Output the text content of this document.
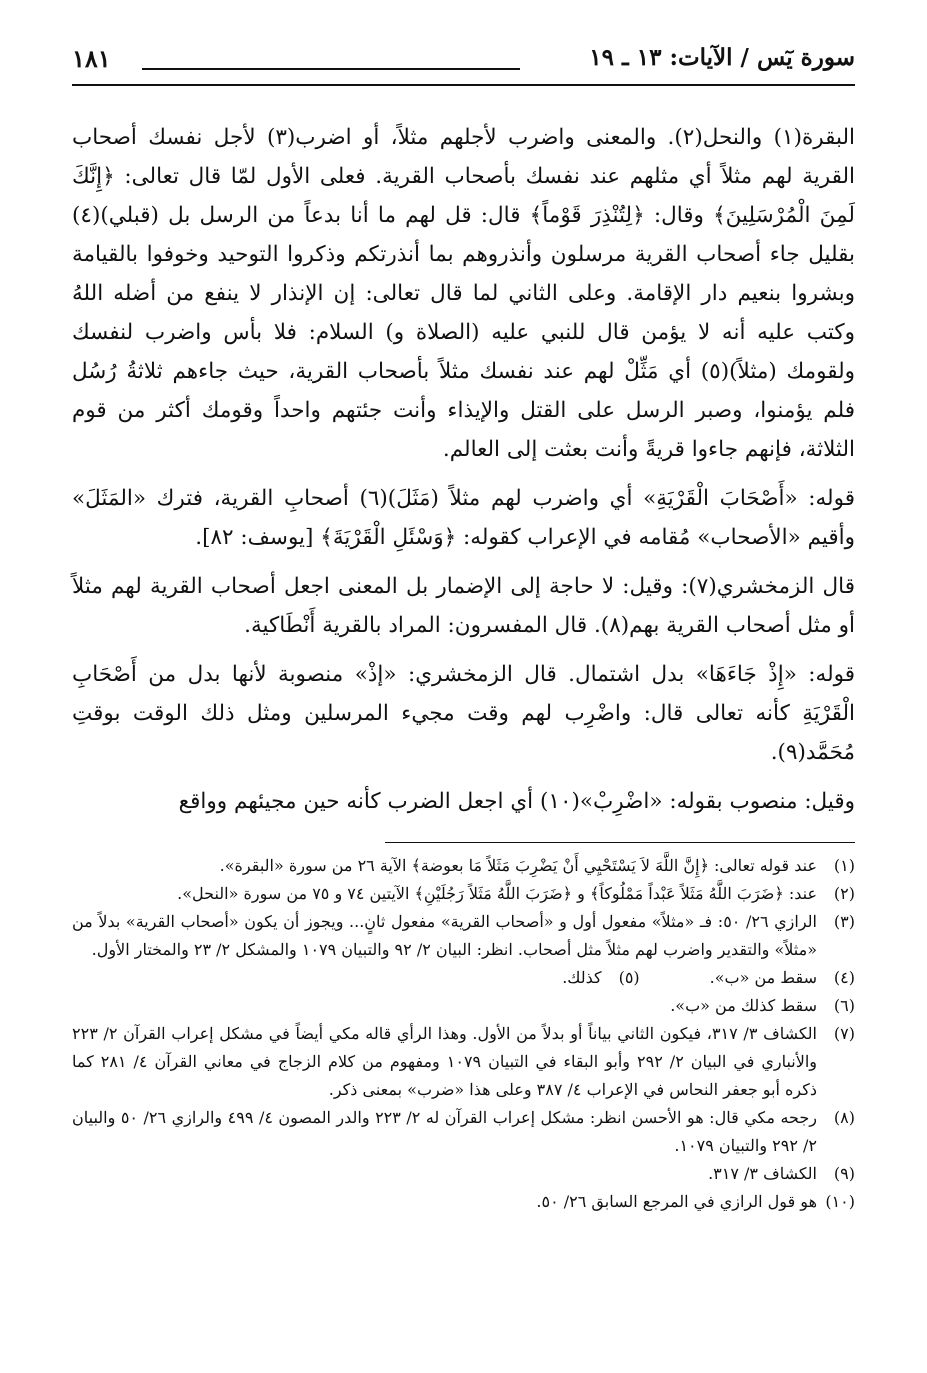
سورة يٓس / الآيات: ١٣ ـ ١٩
١٨١

البقرة(١) والنحل(٢). والمعنى واضرب لأجلهم مثلاً، أو اضرب(٣) لأجل نفسك أصحاب القرية لهم مثلاً أي مثلهم عند نفسك بأصحاب القرية. فعلى الأول لمّا قال تعالى: ﴿إِنَّكَ لَمِنَ الْمُرْسَلِينَ﴾ وقال: ﴿لِتُنْذِرَ قَوْماً﴾ قال: قل لهم ما أنا بدعاً من الرسل بل (قبلي)(٤) بقليل جاء أصحاب القرية مرسلون وأنذروهم بما أنذرتكم وذكروا التوحيد وخوفوا بالقيامة وبشروا بنعيم دار الإقامة. وعلى الثاني لما قال تعالى: إن الإنذار لا ينفع من أضله اللهُ وكتب عليه أنه لا يؤمن قال للنبي عليه (الصلاة و) السلام: فلا بأس واضرب لنفسك ولقومك (مثلاً)(٥) أي مَثِّلْ لهم عند نفسك مثلاً بأصحاب القرية، حيث جاءهم ثلاثةُ رُسُل فلم يؤمنوا، وصبر الرسل على القتل والإيذاء وأنت جئتهم واحداً وقومك أكثر من قوم الثلاثة، فإنهم جاءوا قريةً وأنت بعثت إلى العالم.

قوله: «أَصْحَابَ الْقَرْيَةِ» أي واضرب لهم مثلاً (مَثَلَ)(٦) أصحابِ القرية، فترك «المَثَلَ» وأقيم «الأصحاب» مُقامه في الإعراب كقوله: ﴿وَسْئَلِ الْقَرْيَةَ﴾ [يوسف: ٨٢].

قال الزمخشري(٧): وقيل: لا حاجة إلى الإضمار بل المعنى اجعل أصحاب القرية لهم مثلاً أو مثل أصحاب القرية بهم(٨). قال المفسرون: المراد بالقرية أَنْطَاكية.

قوله: «إِذْ جَاءَهَا» بدل اشتمال. قال الزمخشري: «إذْ» منصوبة لأنها بدل من أَصْحَابِ الْقَرْيَةِ كأنه تعالى قال: واضْرِب لهم وقت مجيء المرسلين ومثل ذلك الوقت بوقتِ مُحَمَّد(٩).

وقيل: منصوب بقوله: «اضْرِبْ»(١٠) أي اجعل الضرب كأنه حين مجيئهم وواقع

(١)
عند قوله تعالى: ﴿إِنَّ اللَّهَ لاَ يَسْتَحْيِي أَنْ يَضْرِبَ مَثَلاً مَا بعوضة﴾ الآية ٢٦ من سورة «البقرة».
(٢)
عند: ﴿ضَرَبَ اللَّهُ مَثَلاً عَبْداً مَمْلُوكاً﴾ و ﴿ضَرَبَ اللَّهُ مَثَلاً رَجُلَيْنِ﴾ الآيتين ٧٤ و ٧٥ من سورة «النحل».
(٣)
الرازي ٢٦/ ٥٠: فـ «مثلاً» مفعول أول و «أصحاب القرية» مفعول ثانٍ... ويجوز أن يكون «أصحاب القرية» بدلاً من «مثلاً» والتقدير واضرب لهم مثلاً مثل أصحاب. انظر: البيان ٢/ ٩٢ والتبيان ١٠٧٩ والمشكل ٢/ ٢٣ والمختار الأول.
(٤)
سقط من «ب».
(٥)
كذلك.
(٦)
سقط كذلك من «ب».
(٧)
الكشاف ٣/ ٣١٧، فيكون الثاني بياناً أو بدلاً من الأول. وهذا الرأي قاله مكي أيضاً في مشكل إعراب القرآن ٢/ ٢٢٣ والأنباري في البيان ٢/ ٢٩٢ وأبو البقاء في التبيان ١٠٧٩ ومفهوم من كلام الزجاج في معاني القرآن ٤/ ٢٨١ كما ذكره أبو جعفر النحاس في الإعراب ٤/ ٣٨٧ وعلى هذا «ضرب» بمعنى ذكر.
(٨)
رجحه مكي قال: هو الأحسن انظر: مشكل إعراب القرآن له ٢/ ٢٢٣ والدر المصون ٤/ ٤٩٩ والرازي ٢٦/ ٥٠ والبيان ٢/ ٢٩٢ والتبيان ١٠٧٩.
(٩)
الكشاف ٣/ ٣١٧.
(١٠)
هو قول الرازي في المرجع السابق ٢٦/ ٥٠.
